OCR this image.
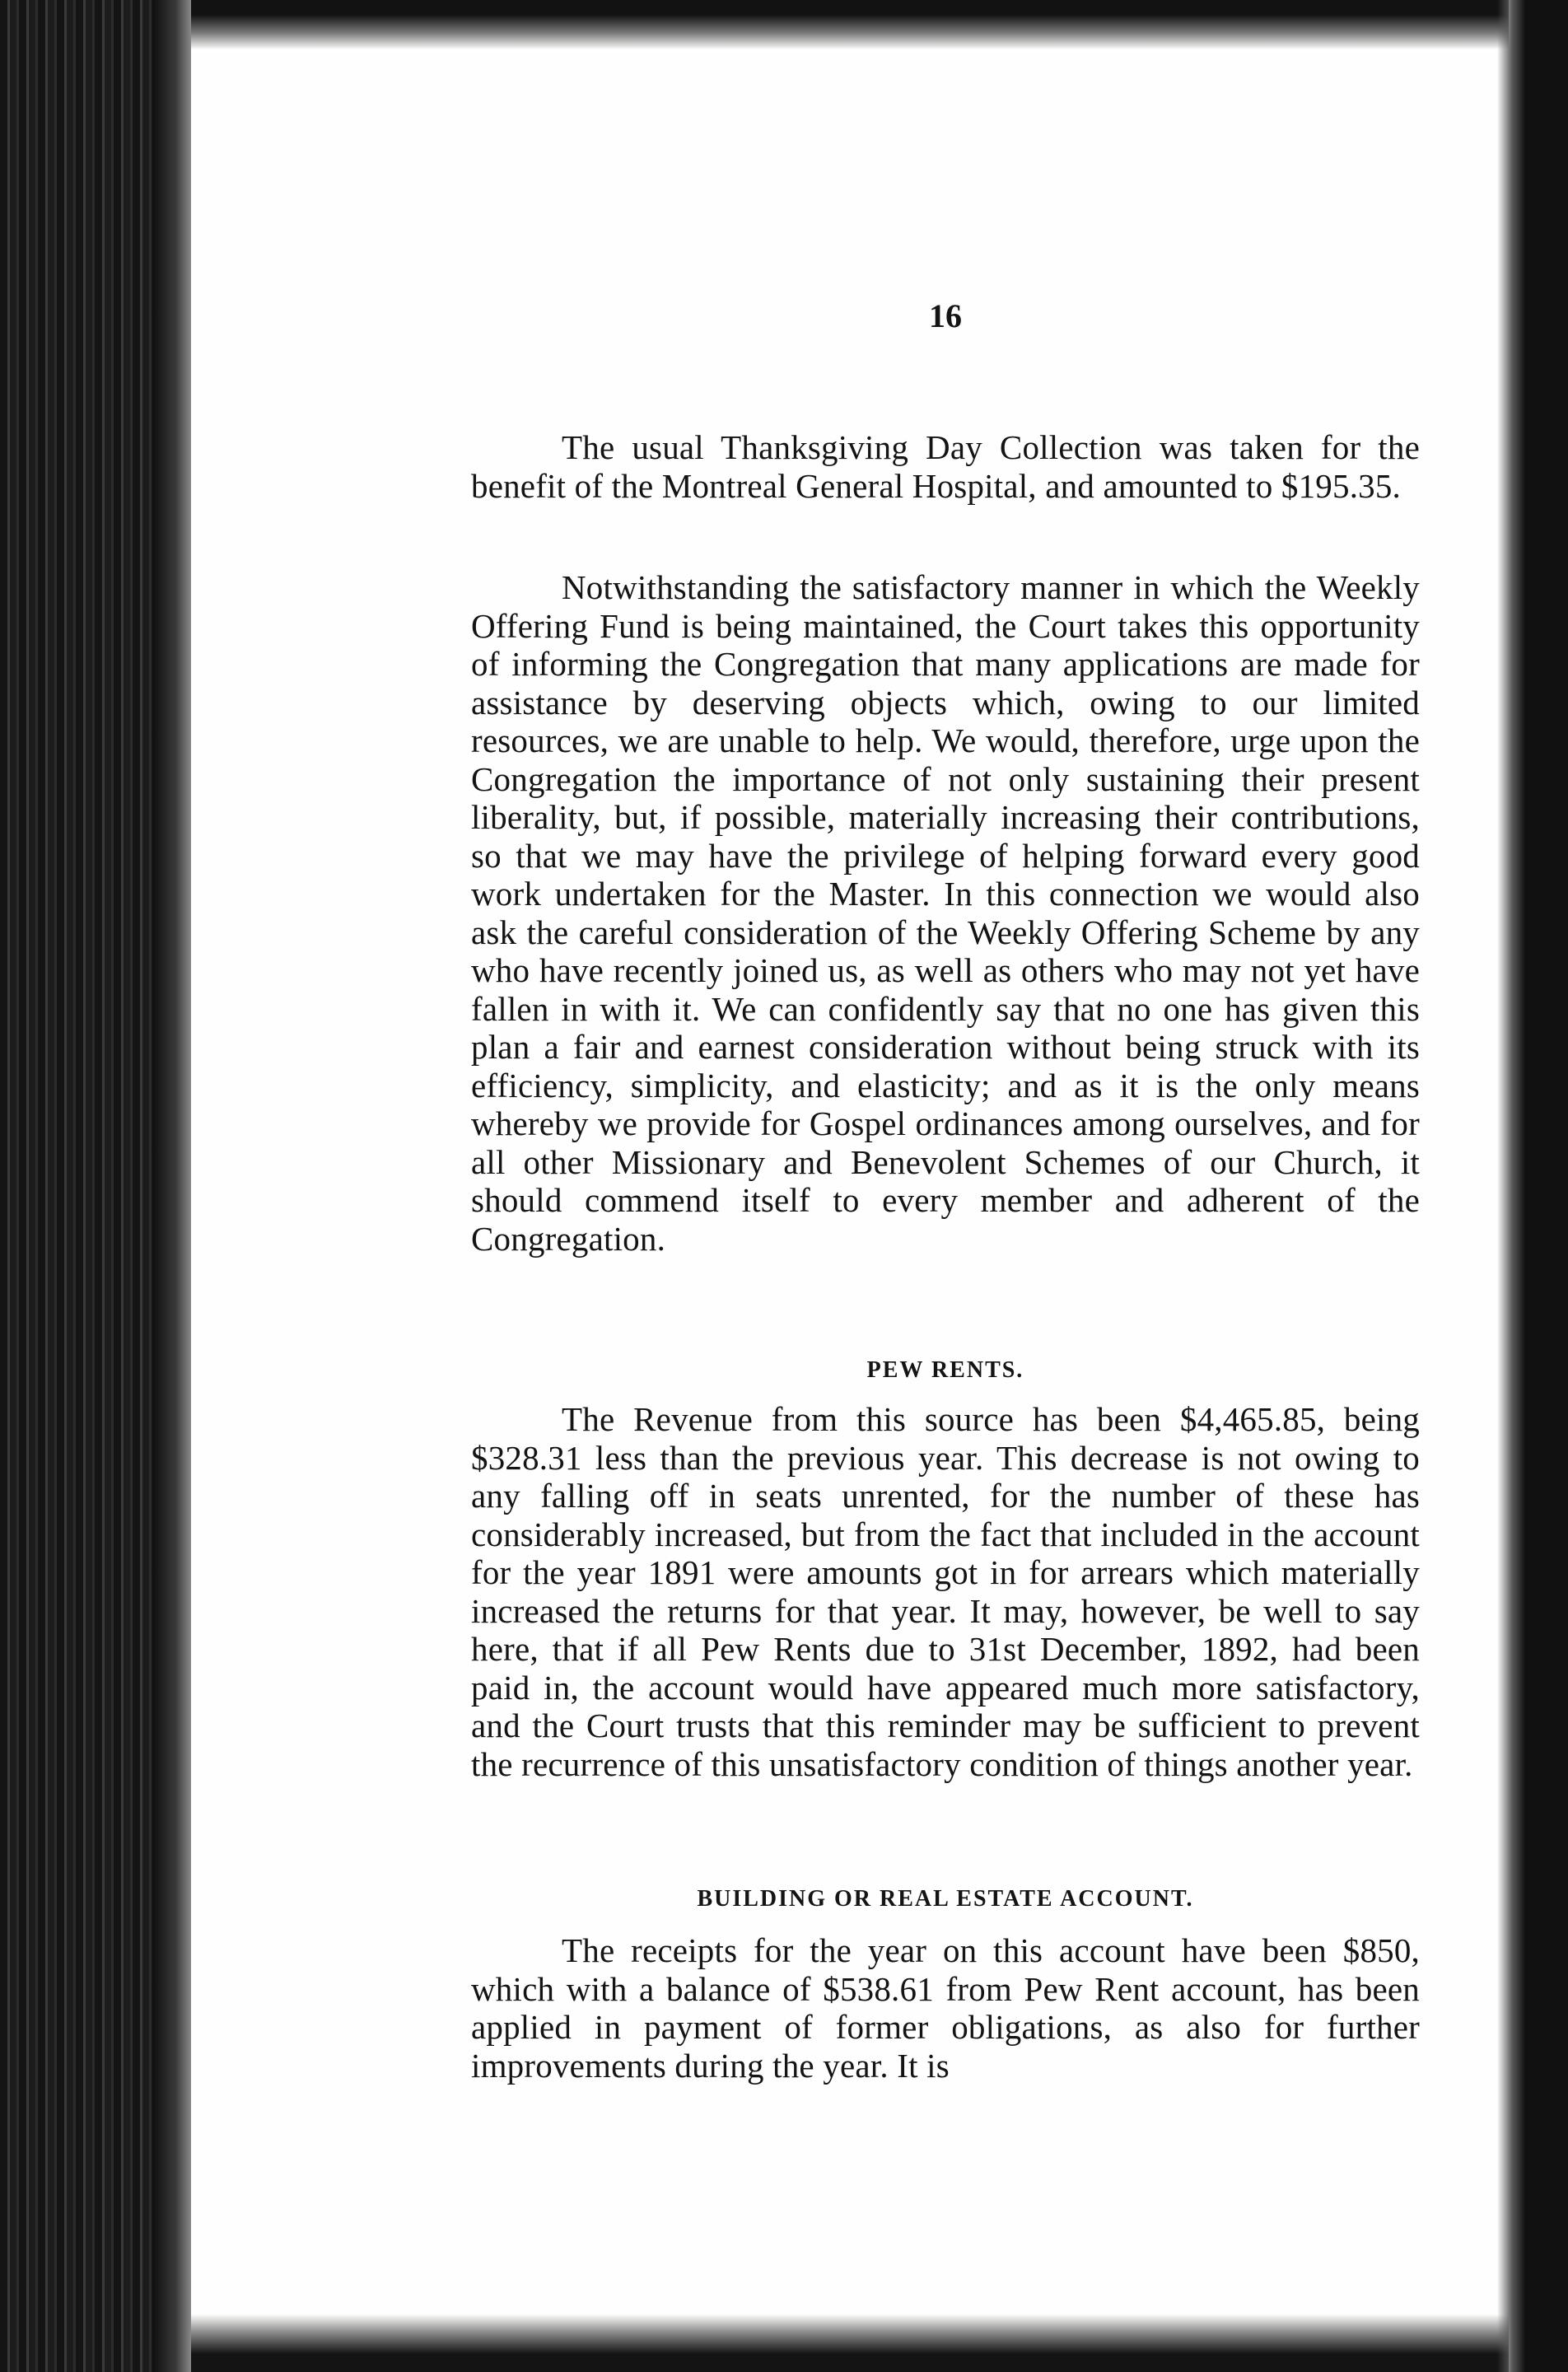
16

The usual Thanksgiving Day Collection was taken for the benefit of the Montreal General Hospital, and amounted to $195.35.

Notwithstanding the satisfactory manner in which the Weekly Offering Fund is being maintained, the Court takes this opportunity of informing the Congregation that many applications are made for assistance by deserving objects which, owing to our limited resources, we are unable to help. We would, therefore, urge upon the Congregation the importance of not only sustaining their present liberality, but, if possible, materially increasing their contributions, so that we may have the privilege of helping forward every good work undertaken for the Master. In this connection we would also ask the careful consideration of the Weekly Offering Scheme by any who have recently joined us, as well as others who may not yet have fallen in with it. We can confidently say that no one has given this plan a fair and earnest consideration without being struck with its efficiency, simplicity, and elasticity; and as it is the only means whereby we provide for Gospel ordinances among ourselves, and for all other Missionary and Benevolent Schemes of our Church, it should commend itself to every member and adherent of the Congregation.

PEW RENTS.

The Revenue from this source has been $4,465.85, being $328.31 less than the previous year. This decrease is not owing to any falling off in seats unrented, for the number of these has considerably increased, but from the fact that included in the account for the year 1891 were amounts got in for arrears which materially increased the returns for that year. It may, however, be well to say here, that if all Pew Rents due to 31st December, 1892, had been paid in, the account would have appeared much more satisfactory, and the Court trusts that this reminder may be sufficient to prevent the recurrence of this unsatisfactory condition of things another year.

BUILDING OR REAL ESTATE ACCOUNT.

The receipts for the year on this account have been $850, which with a balance of $538.61 from Pew Rent account, has been applied in payment of former obligations, as also for further improvements during the year. It is
